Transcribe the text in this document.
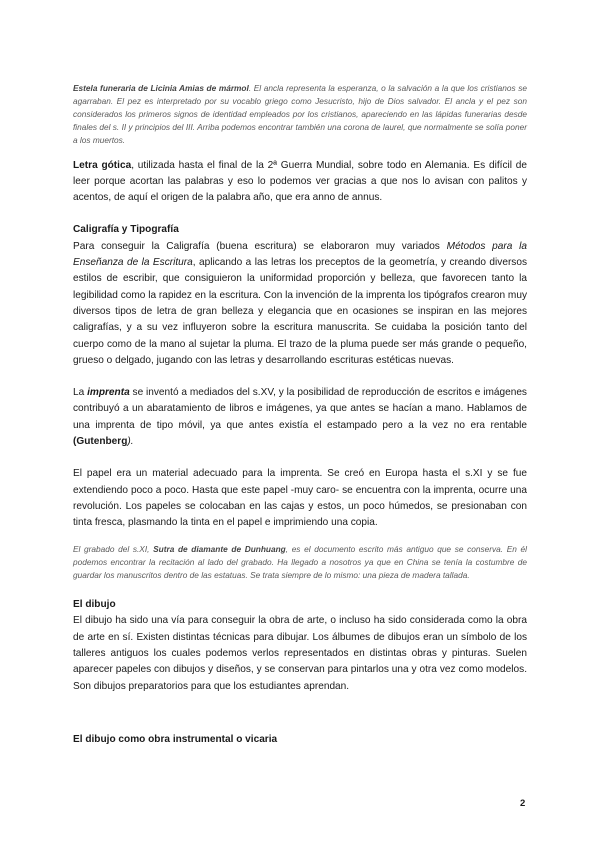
Estela funeraria de Licinia Amias de mármol. El ancla representa la esperanza, o la salvación a la que los cristianos se agarraban. El pez es interpretado por su vocablo griego como Jesucristo, hijo de Dios salvador. El ancla y el pez son considerados los primeros signos de identidad empleados por los cristianos, apareciendo en las lápidas funerarias desde finales del s. II y principios del III. Arriba podemos encontrar también una corona de laurel, que normalmente se solía poner a los muertos.

Letra gótica, utilizada hasta el final de la 2ª Guerra Mundial, sobre todo en Alemania. Es difícil de leer porque acortan las palabras y eso lo podemos ver gracias a que nos lo avisan con palitos y acentos, de aquí el origen de la palabra año, que era anno de annus.

Caligrafía y Tipografía

Para conseguir la Caligrafía (buena escritura) se elaboraron muy variados Métodos para la Enseñanza de la Escritura, aplicando a las letras los preceptos de la geometría, y creando diversos estilos de escribir, que consiguieron la uniformidad proporción y belleza, que favorecen tanto la legibilidad como la rapidez en la escritura. Con la invención de la imprenta los tipógrafos crearon muy diversos tipos de letra de gran belleza y elegancia que en ocasiones se inspiran en las mejores caligrafías, y a su vez influyeron sobre la escritura manuscrita. Se cuidaba la posición tanto del cuerpo como de la mano al sujetar la pluma. El trazo de la pluma puede ser más grande o pequeño, grueso o delgado, jugando con las letras y desarrollando escrituras estéticas nuevas.

La imprenta se inventó a mediados del s.XV, y la posibilidad de reproducción de escritos e imágenes contribuyó a un abaratamiento de libros e imágenes, ya que antes se hacían a mano. Hablamos de una imprenta de tipo móvil, ya que antes existía el estampado pero a la vez no era rentable (Gutenberg).

El papel era un material adecuado para la imprenta. Se creó en Europa hasta el s.XI y se fue extendiendo poco a poco. Hasta que este papel -muy caro- se encuentra con la imprenta, ocurre una revolución. Los papeles se colocaban en las cajas y estos, un poco húmedos, se presionaban con tinta fresca, plasmando la tinta en el papel e imprimiendo una copia.

El grabado del s.XI, Sutra de diamante de Dunhuang, es el documento escrito más antiguo que se conserva. En él podemos encontrar la recitación al lado del grabado. Ha llegado a nosotros ya que en China se tenía la costumbre de guardar los manuscritos dentro de las estatuas. Se trata siempre de lo mismo: una pieza de madera tallada.

El dibujo

El dibujo ha sido una vía para conseguir la obra de arte, o incluso ha sido considerada como la obra de arte en sí. Existen distintas técnicas para dibujar. Los álbumes de dibujos eran un símbolo de los talleres antiguos los cuales podemos verlos representados en distintas obras y pinturas. Suelen aparecer papeles con dibujos y diseños, y se conservan para pintarlos una y otra vez como modelos. Son dibujos preparatorios para que los estudiantes aprendan.

El dibujo como obra instrumental o vicaria

2
